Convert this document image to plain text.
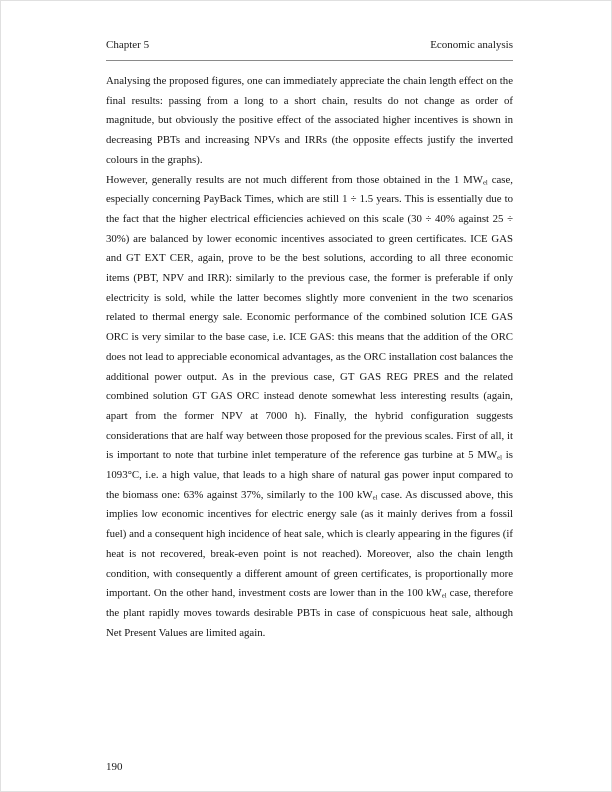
Chapter 5	Economic analysis

Analysing the proposed figures, one can immediately appreciate the chain length effect on the final results: passing from a long to a short chain, results do not change as order of magnitude, but obviously the positive effect of the associated higher incentives is shown in decreasing PBTs and increasing NPVs and IRRs (the opposite effects justify the inverted colours in the graphs).

However, generally results are not much different from those obtained in the 1 $MW_{el}$ case, especially concerning PayBack Times, which are still 1 ÷ 1.5 years. This is essentially due to the fact that the higher electrical efficiencies achieved on this scale (30 ÷ 40% against 25 ÷ 30%) are balanced by lower economic incentives associated to green certificates. ICE GAS and GT EXT CER, again, prove to be the best solutions, according to all three economic items (PBT, NPV and IRR): similarly to the previous case, the former is preferable if only electricity is sold, while the latter becomes slightly more convenient in the two scenarios related to thermal energy sale. Economic performance of the combined solution ICE GAS ORC is very similar to the base case, i.e. ICE GAS: this means that the addition of the ORC does not lead to appreciable economical advantages, as the ORC installation cost balances the additional power output. As in the previous case, GT GAS REG PRES and the related combined solution GT GAS ORC instead denote somewhat less interesting results (again, apart from the former NPV at 7000 h). Finally, the hybrid configuration suggests considerations that are half way between those proposed for the previous scales. First of all, it is important to note that turbine inlet temperature of the reference gas turbine at 5 $MW_{el}$ is 1093°C, i.e. a high value, that leads to a high share of natural gas power input compared to the biomass one: 63% against 37%, similarly to the 100 $kW_{el}$ case. As discussed above, this implies low economic incentives for electric energy sale (as it mainly derives from a fossil fuel) and a consequent high incidence of heat sale, which is clearly appearing in the figures (if heat is not recovered, break-even point is not reached). Moreover, also the chain length condition, with consequently a different amount of green certificates, is proportionally more important. On the other hand, investment costs are lower than in the 100 $kW_{el}$ case, therefore the plant rapidly moves towards desirable PBTs in case of conspicuous heat sale, although Net Present Values are limited again.

190
